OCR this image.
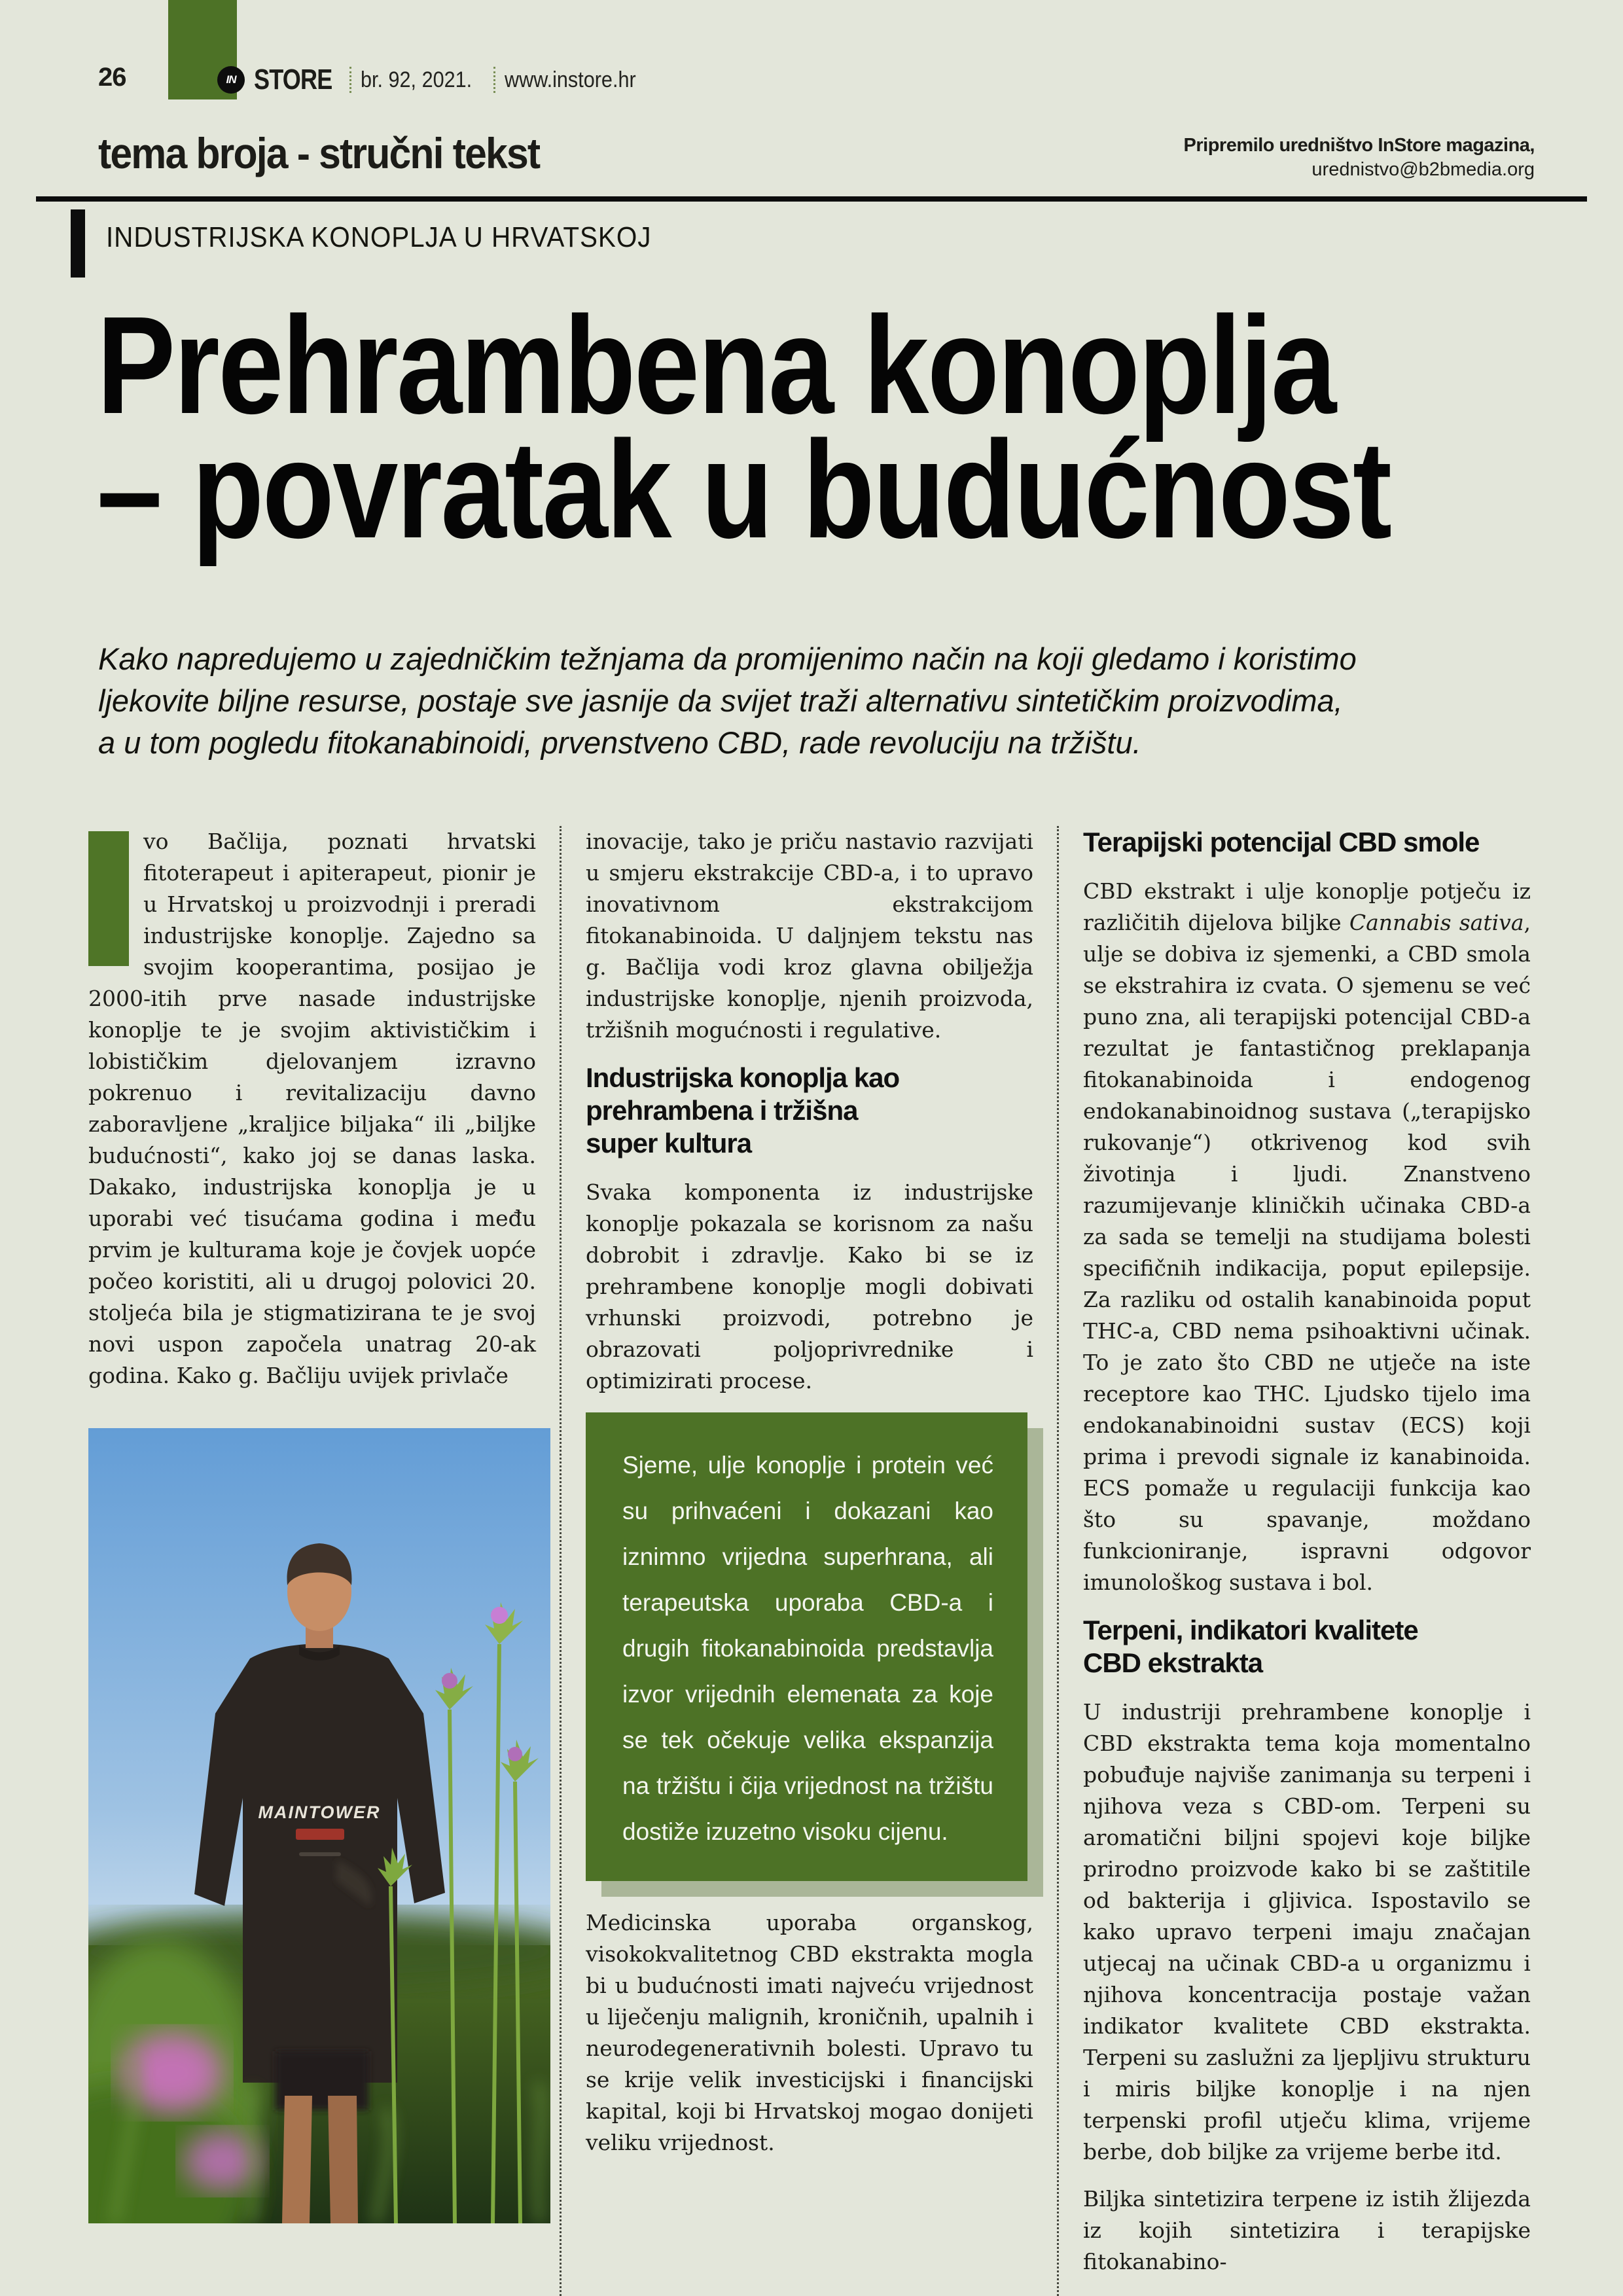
26	IN STORE br. 92, 2021. www.instore.hr
tema broja - stručni tekst	Pripremilo uredništvo InStore magazina,
urednistvo@b2bmedia.org
INDUSTRIJSKA KONOPLJA U HRVATSKOJ
Prehrambena konoplja
– povratak u budućnost
Kako napredujemo u zajedničkim težnjama da promijenimo način na koji gledamo i koristimo
ljekovite biljne resurse, postaje sve jasnije da svijet traži alternativu sintetičkim proizvodima,
a u tom pogledu fitokanabinoidi, prvenstveno CBD, rade revoluciju na tržištu.

vo Bačlija, poznati hrvatski fitoterapeut i apiterapeut, pionir je u Hrvatskoj u proizvodnji i preradi industrijske konoplje. Zajedno sa svojim kooperantima, posijao je 2000-itih prve nasade industrijske konoplje te je svojim aktivističkim i lobističkim djelovanjem izravno pokrenuo i revitalizaciju davno zaboravljene „kraljice biljaka“ ili „biljke budućnosti“, kako joj se danas laska. Dakako, industrijska konoplja je u uporabi već tisućama godina i među prvim je kulturama koje je čovjek uopće počeo koristiti, ali u drugoj polovici 20. stoljeća bila je stigmatizirana te je svoj novi uspon započela unatrag 20-ak godina. Kako g. Bačliju uvijek privlače

MAINTOWER

inovacije, tako je priču nastavio razvijati u smjeru ekstrakcije CBD-a, i to upravo inovativnom ekstrakcijom fitokanabinoida. U daljnjem tekstu nas g. Bačlija vodi kroz glavna obilježja industrijske konoplje, njenih proizvoda, tržišnih mogućnosti i regulative.

Industrijska konoplja kao
prehrambena i tržišna
super kultura

Svaka komponenta iz industrijske konoplje pokazala se korisnom za našu dobrobit i zdravlje. Kako bi se iz prehrambene konoplje mogli dobivati vrhunski proizvodi, potrebno je obrazovati poljoprivrednike i optimizirati procese.

Sjeme, ulje konoplje i protein već su prihvaćeni i dokazani kao iznimno vrijedna superhrana, ali terapeutska uporaba CBD-a i drugih fitokanabinoida predstavlja izvor vrijednih elemenata za koje se tek očekuje velika ekspanzija na tržištu i čija vrijednost na tržištu dostiže izuzetno visoku cijenu.

Medicinska uporaba organskog, visokokvalitetnog CBD ekstrakta mogla bi u budućnosti imati najveću vrijednost u liječenju malignih, kroničnih, upalnih i neurodegenerativnih bolesti. Upravo tu se krije velik investicijski i financijski kapital, koji bi Hrvatskoj mogao donijeti veliku vrijednost.

Terapijski potencijal CBD smole

CBD ekstrakt i ulje konoplje potječu iz različitih dijelova biljke Cannabis sativa, ulje se dobiva iz sjemenki, a CBD smola se ekstrahira iz cvata. O sjemenu se već puno zna, ali terapijski potencijal CBD-a rezultat je fantastičnog preklapanja fitokanabinoida i endogenog endokanabinoidnog sustava („terapijsko rukovanje“) otkrivenog kod svih životinja i ljudi. Znanstveno razumijevanje kliničkih učinaka CBD-a za sada se temelji na studijama bolesti specifičnih indikacija, poput epilepsije. Za razliku od ostalih kanabinoida poput THC-a, CBD nema psihoaktivni učinak. To je zato što CBD ne utječe na iste receptore kao THC. Ljudsko tijelo ima endokanabinoidni sustav (ECS) koji prima i prevodi signale iz kanabinoida. ECS pomaže u regulaciji funkcija kao što su spavanje, moždano funkcioniranje, ispravni odgovor imunološkog sustava i bol.

Terpeni, indikatori kvalitete
CBD ekstrakta

U industriji prehrambene konoplje i CBD ekstrakta tema koja momentalno pobuđuje najviše zanimanja su terpeni i njihova veza s CBD-om. Terpeni su aromatični biljni spojevi koje biljke prirodno proizvode kako bi se zaštitile od bakterija i gljivica. Ispostavilo se kako upravo terpeni imaju značajan utjecaj na učinak CBD-a u organizmu i njihova koncentracija postaje važan indikator kvalitete CBD ekstrakta. Terpeni su zaslužni za ljepljivu strukturu i miris biljke konoplje i na njen terpenski profil utječu klima, vrijeme berbe, dob biljke za vrijeme berbe itd.

Biljka sintetizira terpene iz istih žlijezda iz kojih sintetizira i terapijske fitokanabino-
